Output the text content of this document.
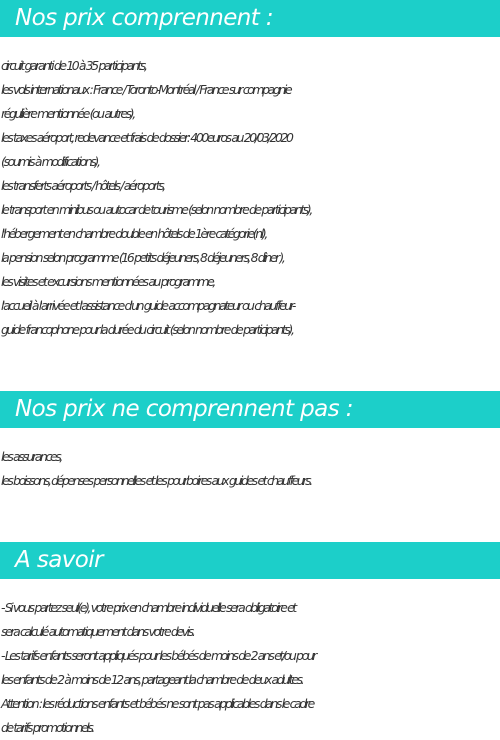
Nos prix comprennent :

circuit garanti de 10 à 35 participants,
les vols internationaux : France / Toronto-Montréal / France sur compagnie
régulière mentionnée (ou autres),
les taxes aéroport, redevance et frais de dossier: 400euros au 20/03/2020
(soumis à modifications),
les transferts aéroports / hôtels / aéroports,
le transport en minibus ou autocar de tourisme (selon nombre de participants),
l'hébergement en chambre double en hôtels de 1ère catégorie(nl),
la pension selon programme (16 petits déjeuners, 8 déjeuners, 8 dîner ),
les visites et excursions mentionnées au programme,
l'accueil à l'arrivée et l'assistance d'un guide accompagnateur ou chauffeur-
guide francophone pour la durée du circuit (selon nombre de participants),

Nos prix ne comprennent pas :

les assurances,
les boissons, dépenses personnelles et les pourboires aux guides et chauffeurs.

A savoir

- Si vous partez seul(e), votre prix en chambre individuelle sera obligatoire et
sera calculé automatiquement dans votre devis.
- Les tarifs enfants seront appliqués pour les bébés de moins de 2 ans et/ou pour
les enfants de 2 à moins de 12 ans, partageant la chambre de deux adultes.
Attention : les réductions enfants et bébés ne sont pas applicables dans le cadre
de tarifs promotionnels.
